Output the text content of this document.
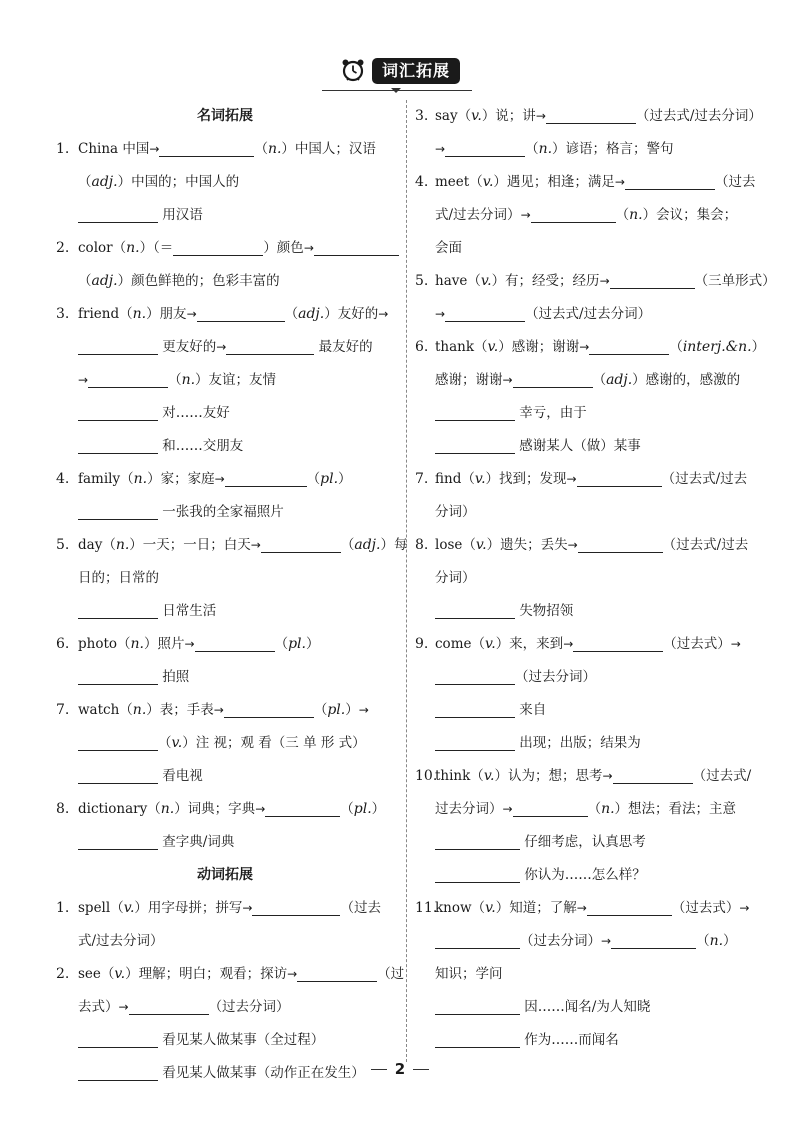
词汇拓展
名词拓展
1. China 中国→	（n.）中国人；汉语
（adj.）中国的；中国人的
用汉语
2. color（n.）（＝	）颜色→
（adj.）颜色鲜艳的；色彩丰富的
3. friend（n.）朋友→	（adj.）友好的→
更友好的→	最友好的
→	（n.）友谊；友情
对……友好
和……交朋友
4. family（n.）家；家庭→	（pl.）
一张我的全家福照片
5. day（n.）一天；一日；白天→	（adj.）每
日的；日常的
日常生活
6. photo（n.）照片→	（pl.）
拍照
7. watch（n.）表；手表→	（pl.）→
（v.）注 视；观 看（三 单 形 式）
看电视
8. dictionary（n.）词典；字典→	（pl.）
查字典/词典
动词拓展
1. spell（v.）用字母拼；拼写→	（过去
式/过去分词）
2. see（v.）理解；明白；观看；探访→	（过
去式）→	（过去分词）
看见某人做某事（全过程）
看见某人做某事（动作正在发生）
3. say（v.）说；讲→	（过去式/过去分词）
→	（n.）谚语；格言；警句
4. meet（v.）遇见；相逢；满足→	（过去
式/过去分词）→	（n.）会议；集会；
会面
5. have（v.）有；经受；经历→	（三单形式）
→	（过去式/过去分词）
6. thank（v.）感谢；谢谢→	（interj.&n.）
感谢；谢谢→	（adj.）感谢的，感激的
幸亏，由于
感谢某人（做）某事
7. find（v.）找到；发现→	（过去式/过去
分词）
8. lose（v.）遗失；丢失→	（过去式/过去
分词）
失物招领
9. come（v.）来，来到→	（过去式）→
（过去分词）
来自
出现；出版；结果为
10.
think（v.）认为；想；思考→	（过去式/
过去分词）→	（n.）想法；看法；主意
仔细考虑，认真思考
你认为……怎么样？
11.
know（v.）知道；了解→	（过去式）→
（过去分词）→	（n.）
知识；学问
因……闻名/为人知晓
作为……而闻名
2
